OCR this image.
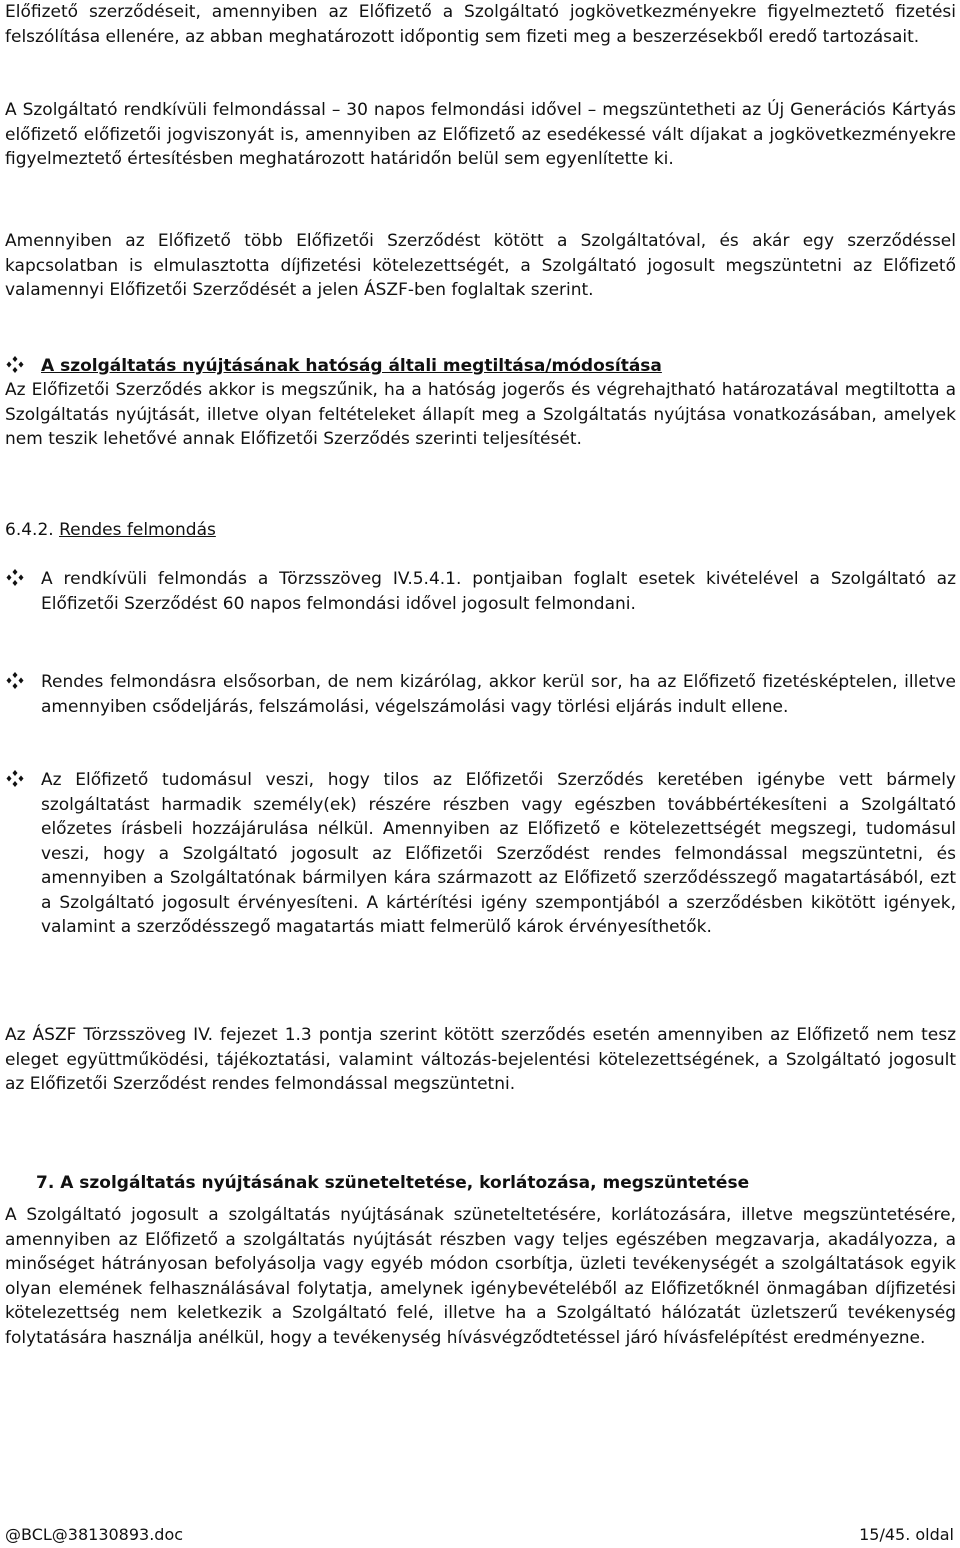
Előfizető szerződéseit, amennyiben az Előfizető a Szolgáltató jogkövetkezményekre figyelmeztető fizetési felszólítása ellenére, az abban meghatározott időpontig sem fizeti meg a beszerzésekből eredő tartozásait.

A Szolgáltató rendkívüli felmondással – 30 napos felmondási idővel – megszüntetheti az Új Generációs Kártyás előfizető előfizetői jogviszonyát is, amennyiben az Előfizető az esedékessé vált díjakat a jogkövetkezményekre figyelmeztető értesítésben meghatározott határidőn belül sem egyenlítette ki.

Amennyiben az Előfizető több Előfizetői Szerződést kötött a Szolgáltatóval, és akár egy szerződéssel kapcsolatban is elmulasztotta díjfizetési kötelezettségét, a Szolgáltató jogosult megszüntetni az Előfizető valamennyi Előfizetői Szerződését a jelen ÁSZF-ben foglaltak szerint.

A szolgáltatás nyújtásának hatóság általi megtiltása/módosítása

Az Előfizetői Szerződés akkor is megszűnik, ha a hatóság jogerős és végrehajtható határozatával megtiltotta a Szolgáltatás nyújtását, illetve olyan feltételeket állapít meg a Szolgáltatás nyújtása vonatkozásában, amelyek nem teszik lehetővé annak Előfizetői Szerződés szerinti teljesítését.

6.4.2. Rendes felmondás

A rendkívüli felmondás a Törzsszöveg IV.5.4.1. pontjaiban foglalt esetek kivételével a Szolgáltató az Előfizetői Szerződést 60 napos felmondási idővel jogosult felmondani.

Rendes felmondásra elsősorban, de nem kizárólag, akkor kerül sor, ha az Előfizető fizetésképtelen, illetve amennyiben csődeljárás, felszámolási, végelszámolási vagy törlési eljárás indult ellene.

Az Előfizető tudomásul veszi, hogy tilos az Előfizetői Szerződés keretében igénybe vett bármely szolgáltatást harmadik személy(ek) részére részben vagy egészben továbbértékesíteni a Szolgáltató előzetes írásbeli hozzájárulása nélkül. Amennyiben az Előfizető e kötelezettségét megszegi, tudomásul veszi, hogy a Szolgáltató jogosult az Előfizetői Szerződést rendes felmondással megszüntetni, és amennyiben a Szolgáltatónak bármilyen kára származott az Előfizető szerződésszegő magatartásából, ezt a Szolgáltató jogosult érvényesíteni. A kártérítési igény szempontjából a szerződésben kikötött igények, valamint a szerződésszegő magatartás miatt felmerülő károk érvényesíthetők.

Az ÁSZF Törzsszöveg IV. fejezet 1.3 pontja szerint kötött szerződés esetén amennyiben az Előfizető nem tesz eleget együttműködési, tájékoztatási, valamint változás-bejelentési kötelezettségének, a Szolgáltató jogosult az Előfizetői Szerződést rendes felmondással megszüntetni.

A Szolgáltató jogosult a szolgáltatás nyújtásának szüneteltetésére, korlátozására, illetve megszüntetésére, amennyiben az Előfizető a szolgáltatás nyújtását részben vagy teljes egészében megzavarja, akadályozza, a minőséget hátrányosan befolyásolja vagy egyéb módon csorbítja, üzleti tevékenységét a szolgáltatások egyik olyan elemének felhasználásával folytatja, amelynek igénybevételéből az Előfizetőknél önmagában díjfizetési kötelezettség nem keletkezik a Szolgáltató felé, illetve ha a Szolgáltató hálózatát üzletszerű tevékenység folytatására használja anélkül, hogy a tevékenység hívásvégződtetéssel járó hívásfelépítést eredményezne.

7. A szolgáltatás nyújtásának szüneteltetése, korlátozása, megszüntetése
@BCL@38130893.doc	15/45. oldal
